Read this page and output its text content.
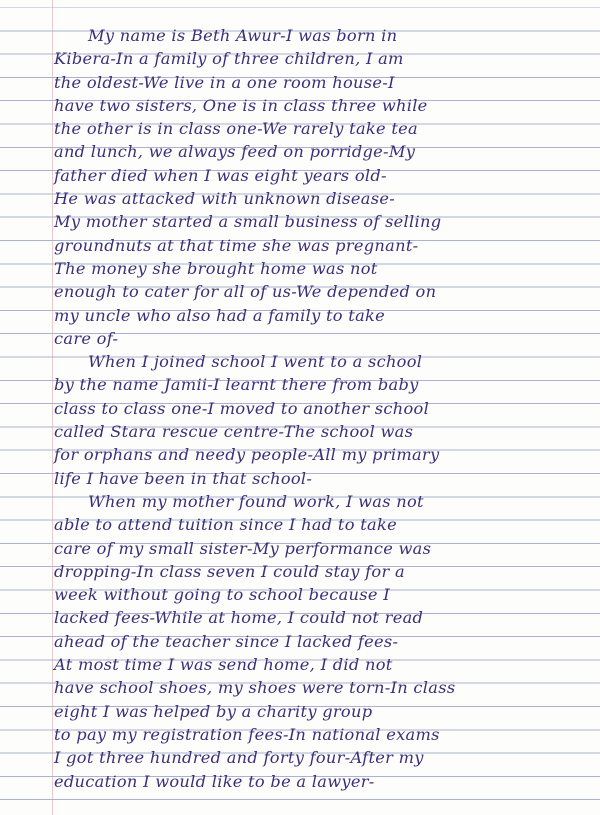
My name is Beth Awur-I was born in
Kibera-In a family of three children, I am
the oldest-We live in a one room house-I
have two sisters, One is in class three while
the other is in class one-We rarely take tea
and lunch, we always feed on porridge-My
father died when I was eight years old-
He was attacked with unknown disease-
My mother started a small business of selling
groundnuts at that time she was pregnant-
The money she brought home was not
enough to cater for all of us-We depended on
my uncle who also had a family to take
care of-
When I joined school I went to a school
by the name Jamii-I learnt there from baby
class to class one-I moved to another school
called Stara rescue centre-The school was
for orphans and needy people-All my primary
life I have been in that school-
When my mother found work, I was not
able to attend tuition since I had to take
care of my small sister-My performance was
dropping-In class seven I could stay for a
week without going to school because I
lacked fees-While at home, I could not read
ahead of the teacher since I lacked fees-
At most time I was send home, I did not
have school shoes, my shoes were torn-In class
eight I was helped by a charity group
to pay my registration fees-In national exams
I got three hundred and forty four-After my
education I would like to be a lawyer-
